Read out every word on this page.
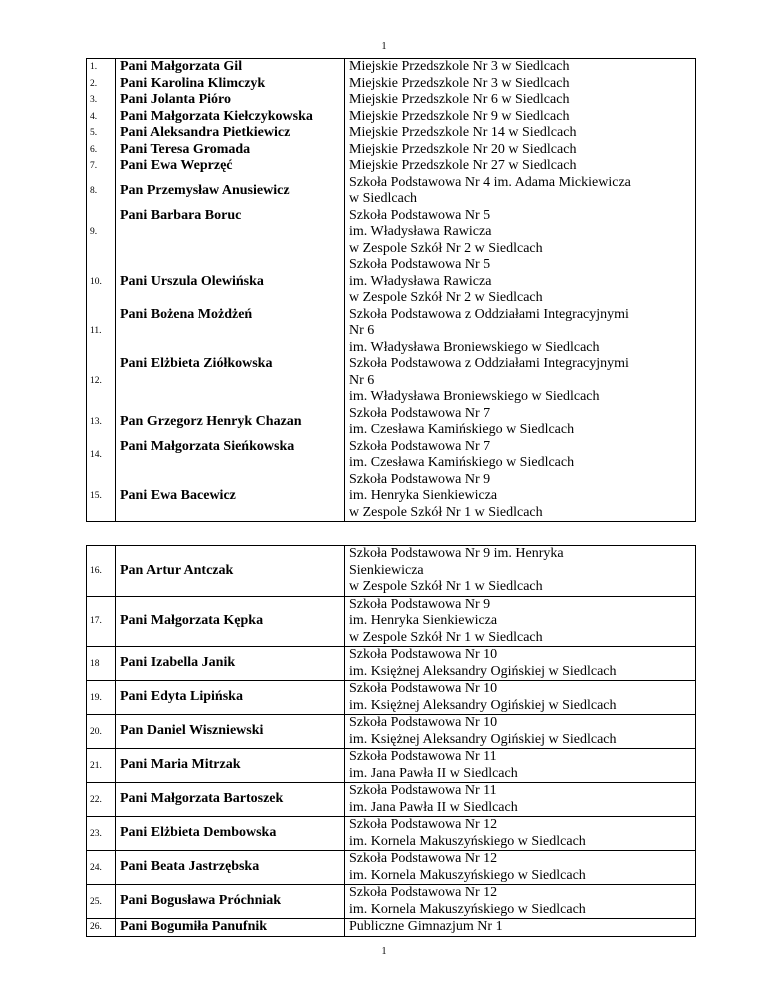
1
1.	Pani Małgorzata Gil	Miejskie Przedszkole Nr 3 w Siedlcach

2.	Pani Karolina Klimczyk	Miejskie Przedszkole Nr 3 w Siedlcach

3.	Pani Jolanta Pióro	Miejskie Przedszkole Nr 6 w Siedlcach

4.	Pani Małgorzata Kiełczykowska	Miejskie Przedszkole Nr 9 w Siedlcach

5.	Pani Aleksandra Pietkiewicz	Miejskie Przedszkole Nr 14 w Siedlcach

6.	Pani Teresa Gromada	Miejskie Przedszkole Nr 20 w Siedlcach

7.	Pani Ewa Weprzęć	Miejskie Przedszkole Nr 27 w Siedlcach

8.	Pan Przemysław Anusiewicz	Szkoła Podstawowa Nr 4 im. Adama Mickiewicza
w Siedlcach

9.	Pani Barbara Boruc	Szkoła Podstawowa Nr 5
im. Władysława Rawicza
w Zespole Szkół Nr 2 w Siedlcach

10.	Pani Urszula Olewińska	Szkoła Podstawowa Nr 5
im. Władysława Rawicza
w Zespole Szkół Nr 2 w Siedlcach

11.	Pani Bożena Możdżeń	Szkoła Podstawowa z Oddziałami Integracyjnymi
Nr 6
im. Władysława Broniewskiego w Siedlcach

12.	Pani Elżbieta Ziółkowska	Szkoła Podstawowa z Oddziałami Integracyjnymi
Nr 6
im. Władysława Broniewskiego w Siedlcach

13.	Pan Grzegorz Henryk Chazan	Szkoła Podstawowa Nr 7
im. Czesława Kamińskiego w Siedlcach

14.	Pani Małgorzata Sieńkowska	Szkoła Podstawowa Nr 7
im. Czesława Kamińskiego w Siedlcach

15.	Pani Ewa Bacewicz	Szkoła Podstawowa Nr 9
im. Henryka Sienkiewicza
w Zespole Szkół Nr 1 w Siedlcach
16.	Pan Artur Antczak	Szkoła Podstawowa Nr 9 im. Henryka
Sienkiewicza
w Zespole Szkół Nr 1 w Siedlcach

17.	Pani Małgorzata Kępka	Szkoła Podstawowa Nr 9
im. Henryka Sienkiewicza
w Zespole Szkół Nr 1 w Siedlcach

18	Pani Izabella Janik	Szkoła Podstawowa Nr 10
im. Księżnej Aleksandry Ogińskiej w Siedlcach

19.	Pani Edyta Lipińska	Szkoła Podstawowa Nr 10
im. Księżnej Aleksandry Ogińskiej w Siedlcach

20.	Pan Daniel Wiszniewski	Szkoła Podstawowa Nr 10
im. Księżnej Aleksandry Ogińskiej w Siedlcach

21.	Pani Maria Mitrzak	Szkoła Podstawowa Nr 11
im. Jana Pawła II w Siedlcach

22.	Pani Małgorzata Bartoszek	Szkoła Podstawowa Nr 11
im. Jana Pawła II w Siedlcach

23.	Pani Elżbieta Dembowska	Szkoła Podstawowa Nr 12
im. Kornela Makuszyńskiego w Siedlcach

24.	Pani Beata Jastrzębska	Szkoła Podstawowa Nr 12
im. Kornela Makuszyńskiego w Siedlcach

25.	Pani Bogusława Próchniak	Szkoła Podstawowa Nr 12
im. Kornela Makuszyńskiego w Siedlcach

26.	Pani Bogumiła Panufnik	Publiczne Gimnazjum Nr 1
1
